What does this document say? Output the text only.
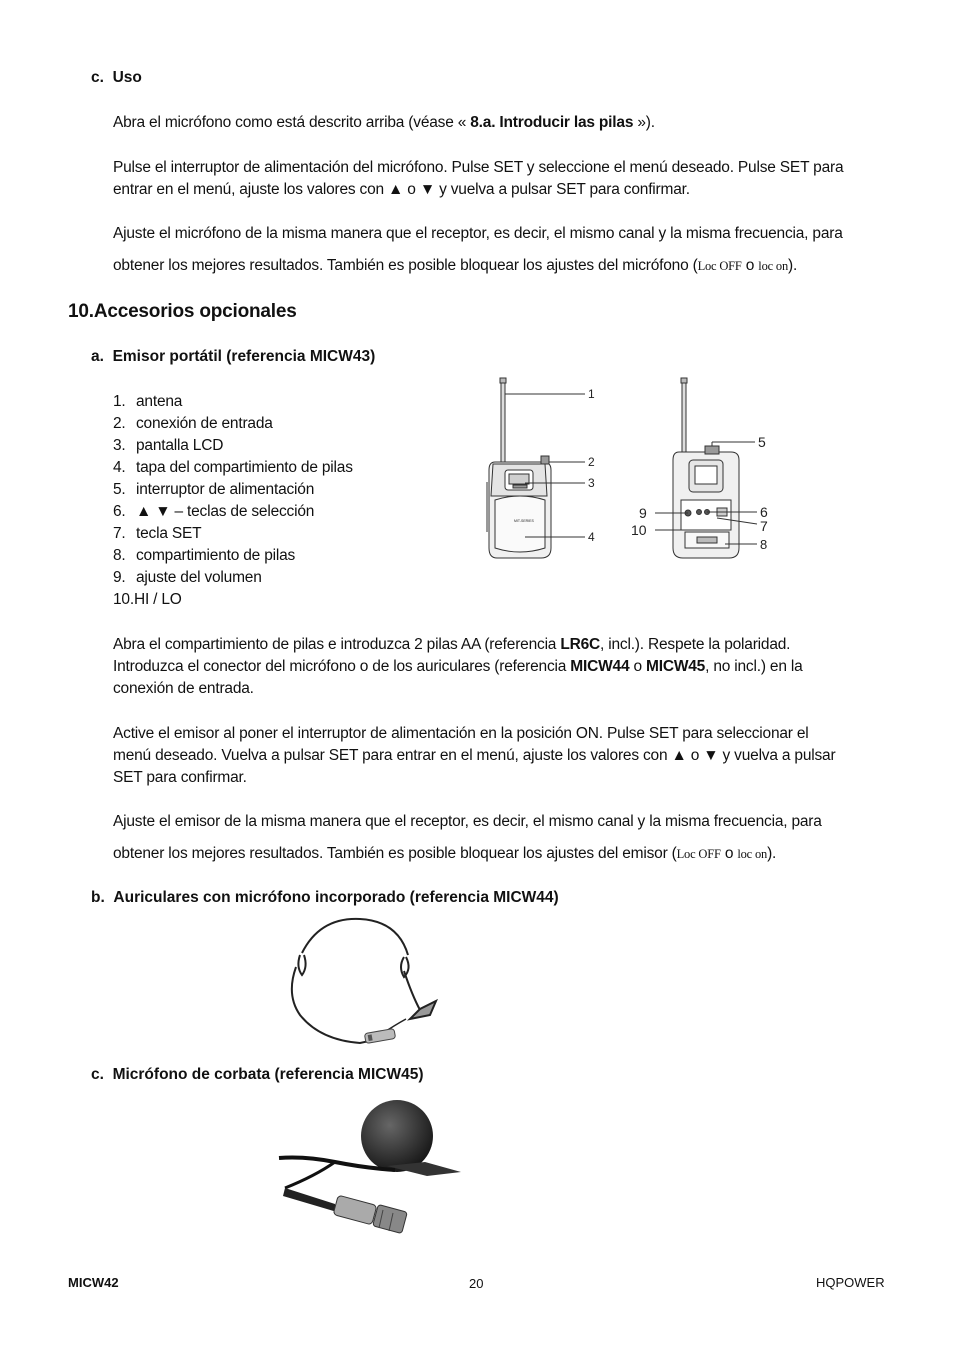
c. Uso
Abra el micrófono como está descrito arriba (véase « 8.a. Introducir las pilas »).
Pulse el interruptor de alimentación del micrófono. Pulse SET y seleccione el menú deseado. Pulse SET para
entrar en el menú, ajuste los valores con ▲ o ▼ y vuelva a pulsar SET para confirmar.
Ajuste el micrófono de la misma manera que el receptor, es decir, el mismo canal y la misma frecuencia, para
obtener los mejores resultados. También es posible bloquear los ajustes del micrófono (Loc OFF o loc on).
10.Accesorios opcionales
a. Emisor portátil (referencia MICW43)
1. antena
2. conexión de entrada
3. pantalla LCD
4. tapa del compartimiento de pilas
5. interruptor de alimentación
6. ▲ ▼ – teclas de selección
7. tecla SET
8. compartimiento de pilas
9. ajuste del volumen
10.HI / LO
1
2
3
4
5
6
7
8
9
10
MIT-SERIES
Abra el compartimiento de pilas e introduzca 2 pilas AA (referencia LR6C, incl.). Respete la polaridad.
Introduzca el conector del micrófono o de los auriculares (referencia MICW44 o MICW45, no incl.) en la
conexión de entrada.
Active el emisor al poner el interruptor de alimentación en la posición ON. Pulse SET para seleccionar el
menú deseado. Vuelva a pulsar SET para entrar en el menú, ajuste los valores con ▲ o ▼ y vuelva a pulsar
SET para confirmar.
Ajuste el emisor de la misma manera que el receptor, es decir, el mismo canal y la misma frecuencia, para
obtener los mejores resultados. También es posible bloquear los ajustes del emisor (Loc OFF o loc on).
b. Auriculares con micrófono incorporado (referencia MICW44)
c. Micrófono de corbata (referencia MICW45)
MICW42	20	HQPOWER
